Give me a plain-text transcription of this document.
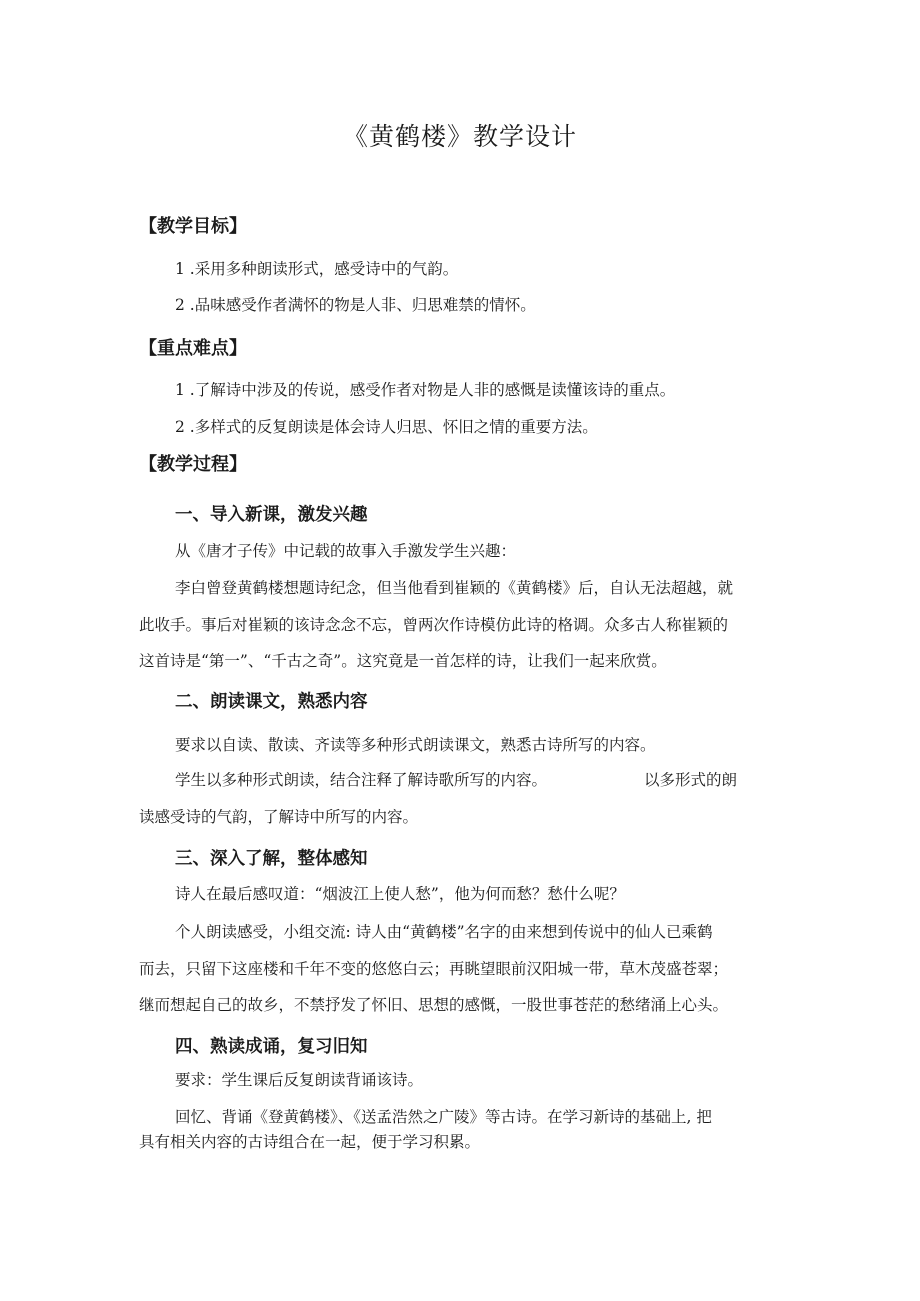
《黄鹤楼》教学设计
【教学目标】
1 .采用多种朗读形式，感受诗中的气韵。
2 .品味感受作者满怀的物是人非、归思难禁的情怀。
【重点难点】
1 .了解诗中涉及的传说，感受作者对物是人非的感慨是读懂该诗的重点。
2 .多样式的反复朗读是体会诗人归思、怀旧之情的重要方法。
【教学过程】
一、导入新课，激发兴趣
从《唐才子传》中记载的故事入手激发学生兴趣：
李白曾登黄鹤楼想题诗纪念，但当他看到崔颖的《黄鹤楼》后，自认无法超越，就
此收手。事后对崔颖的该诗念念不忘，曾两次作诗模仿此诗的格调。众多古人称崔颖的
这首诗是“第一”、“千古之奇”。这究竟是一首怎样的诗，让我们一起来欣赏。
二、朗读课文，熟悉内容
要求以自读、散读、齐读等多种形式朗读课文，熟悉古诗所写的内容。
学生以多种形式朗读，结合注释了解诗歌所写的内容。	以多形式的朗
读感受诗的气韵，了解诗中所写的内容。
三、深入了解，整体感知
诗人在最后感叹道：“烟波江上使人愁”，他为何而愁？愁什么呢？
个人朗读感受，小组交流: 诗人由“黄鹤楼”名字的由来想到传说中的仙人已乘鹤
而去，只留下这座楼和千年不变的悠悠白云；再眺望眼前汉阳城一带，草木茂盛苍翠；
继而想起自己的故乡，不禁抒发了怀旧、思想的感慨，一股世事苍茫的愁绪涌上心头。
四、熟读成诵，复习旧知
要求：学生课后反复朗读背诵该诗。
回忆、背诵《登黄鹤楼》、《送孟浩然之广陵》等古诗。在学习新诗的基础上, 把
具有相关内容的古诗组合在一起，便于学习积累。
